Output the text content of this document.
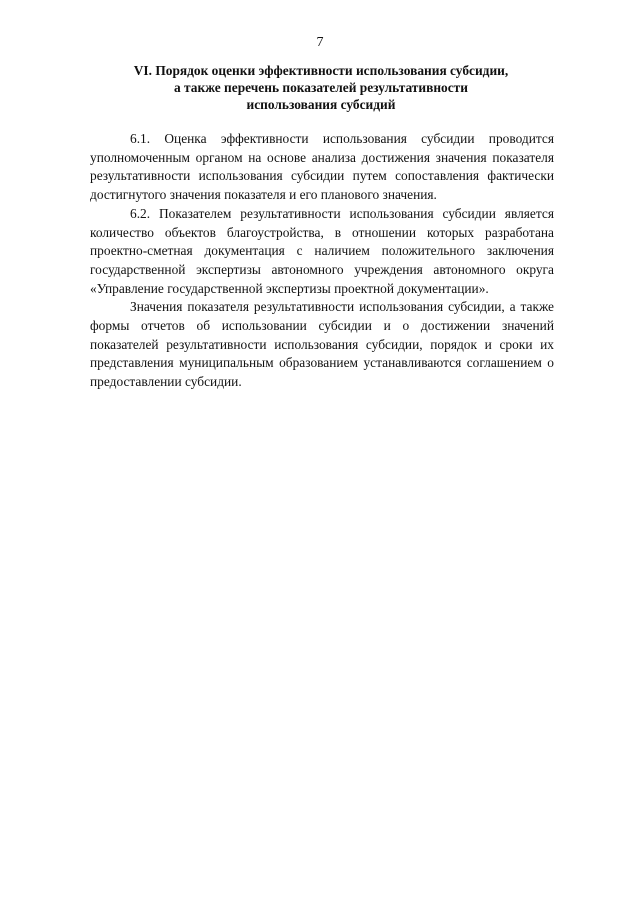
7
VI. Порядок оценки эффективности использования субсидии,
а также перечень показателей результативности
использования субсидий

6.1. Оценка эффективности использования субсидии проводится уполномоченным органом на основе анализа достижения значения показателя результативности использования субсидии путем сопоставления фактически достигнутого значения показателя и его планового значения.

6.2. Показателем результативности использования субсидии является количество объектов благоустройства, в отношении которых разработана проектно-сметная документация с наличием положительного заключения государственной экспертизы автономного учреждения автономного округа «Управление государственной экспертизы проектной документации».

Значения показателя результативности использования субсидии, а также формы отчетов об использовании субсидии и о достижении значений показателей результативности использования субсидии, порядок и сроки их представления муниципальным образованием устанавливаются соглашением о предоставлении субсидии.
